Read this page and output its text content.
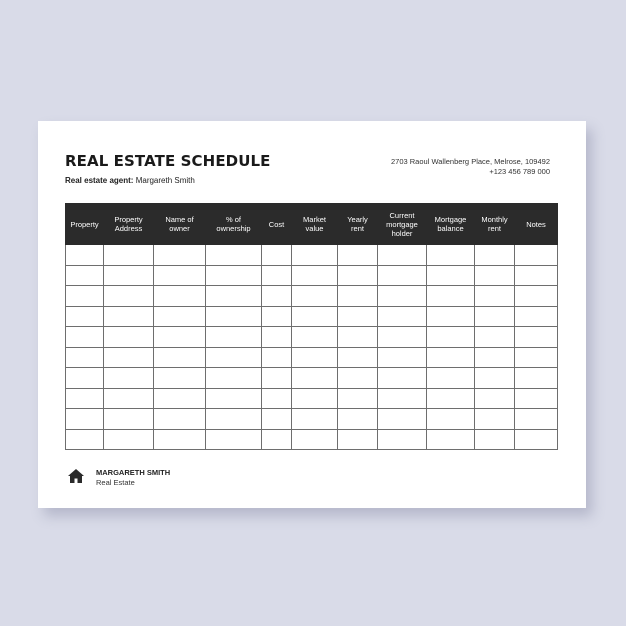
REAL ESTATE SCHEDULE
Real estate agent: Margareth Smith
2703 Raoul Wallenberg Place, Melrose, 109492
+123 456 789 000
Property	Property Address	Name of owner	% of ownership	Cost	Market value	Yearly rent	Current mortgage holder	Mortgage balance	Monthly rent	Notes

MARGARETH SMITH
Real Estate
